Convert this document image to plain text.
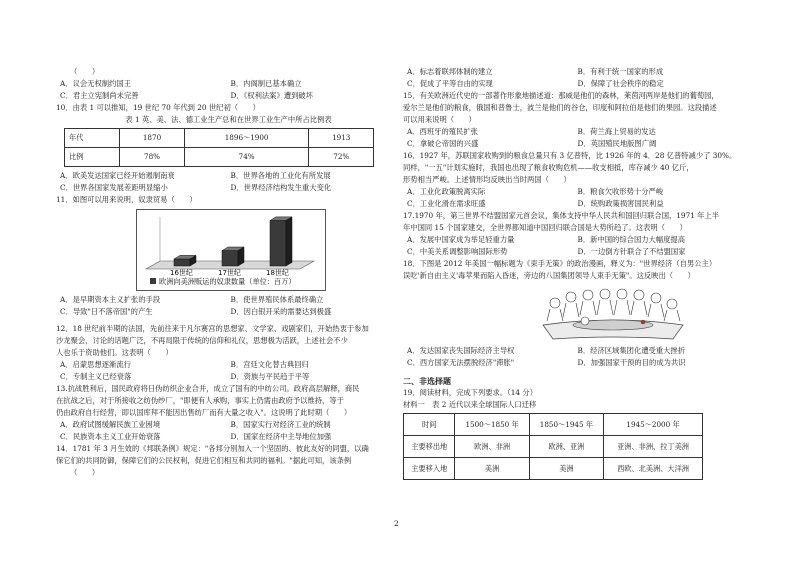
（　　）
A．议会无权制约国王	B．内阁制已基本确立
C．君主立宪制尚未完善	D．《权利法案》遭到破坏
10．由表 1 可以推知，19 世纪 70 年代到 20 世纪初（　　）
表 1 英、美、法、德工业生产总和在世界工业生产中所占比例表
年代	1870	1896～1900	1913
比例	78%	74%	72%
A．欧美发达国家已经开始遏制南衰	B．世界各地的工业化有所发展
C．世界各国家发展差距明显缩小	D．世界经济结构发生重大变化
11．如图可以用来说明，奴隶贸易（　　）
16世纪	17世纪	18世纪
欧洲向美洲贩运的奴隶数量（单位：百万）
A．是早期资本主义扩张的手段	B．使世界殖民体系最终确立
C．导致"日不落帝国"的产生	D．因白银开采的需要达到极盛
12．18 世纪前半期的法国，先前往来于凡尔赛宫的思想家、文学家、戏剧家们，开始热衷于参加
沙龙聚会，讨论的话题广泛，不再局限于传统的信仰和礼仪，思想极为活跃，上述社会不少
人也乐于资助他们。这表明（　　）
A．启蒙思想逐渐流行	B．宫廷文化替古典回归
C．专制主义已经衰落	D．资族与平民趋于平等
13.抗战胜利后，国民政府将日伪纺织企业合并，成立了国有的中纺公司。政府高层解释，商民
在抗战之后，对于所接收之纺伪纱厂，"即便有人承购，事实上仍需由政府予以维持，等于
仍由政府自行经营，即以国库拜不能因出售纺厂而有大量之收入"。这说明了此时期（　　）
A．政府试图缓解民族工业困境	B．国家实行对经济工业的统制
C．民族资本主义工业开始衰落	D．国家在经济中主导地位加强
14．1781 年 3 月生效的《邦联条例》规定："各邦分别加入一个坚固的、彼此友好的同盟，以确
保它们的共同防御，保障它们的公民权利，促进它们相互和共同的福利。"据此可知，该条例
（　　）
A．标志着联邦体制的建立	B．有利于统一国家的形成
C．促成了平等自由的实现	D．保障了社会秩序的稳定
15．有关欧洲近代史的一部著作形象地描述道：那威是他们的森林，莱茵河两岸是他们的葡萄园，
爱尔兰是他们的粮食，俄国和普鲁士，波兰是他们的谷仓，印度和阿拉伯是他们的果园。这段描述
可以用来说明（　　）
A．西班牙的殖民扩张	B．荷兰海上贸易的发达
C．拿破仑帝国的兴盛	D．英国殖民地版图广阔
16．1927 年，苏联国家收购到的粮食总量只有 3 亿普特，比 1926 年的 4．28 亿普特减少了 30%。
同样，"一五"计划实施时，我国也出现了粮食收购危机——收支相抵，库存减少 40 亿斤，
形势相当严峻。上述情形均反映出当时两国（　　）
A．工业化政策脱离实际	B．粮食欠收形势十分严峻
C．工业化滑在需求旺盛	D．统购政策损害国民利益
17.1970 年，第三世界不结盟国家元首会议，集体支持中华人民共和国回归联合国，1971 年上半
年中国同 15 个国家建交，全世界都知道中国回归联合国是大势所趋了。这表明（　　）
A．发展中国家成为举足轻重力量	B．新中国的综合国力大幅度提高
C．中美关系调整影响国际形势	D．一边倒方针联合了不结盟国家
18．下图是 2012 年美国一幅标题为《束手无策》的政治漫画，释义为："世界经济（自男公主）
误吃'新自由主义'毒苹果而陷入昏迷，旁边的八国集团领导人束手无策"。这反映出（　　）
A．发达国家丧失国际经济主导权	B．经济区域集团化遭受重大挫折
C．西方国家无法摆脱经济"滞胀"	D．加强国家干预的目的成为共识
二、非选择题
19．阅读材料，完成下列要求。（14 分）
材料一　表 2 近代以来全球国际人口迁移
时间	1500～1850 年	1850～1945 年	1945～2000 年
主要移出地	欧洲、非洲	欧洲、亚洲	亚洲、非洲、拉丁美洲
主要移入地	美洲	美洲	西欧、北美洲、大洋洲
2
